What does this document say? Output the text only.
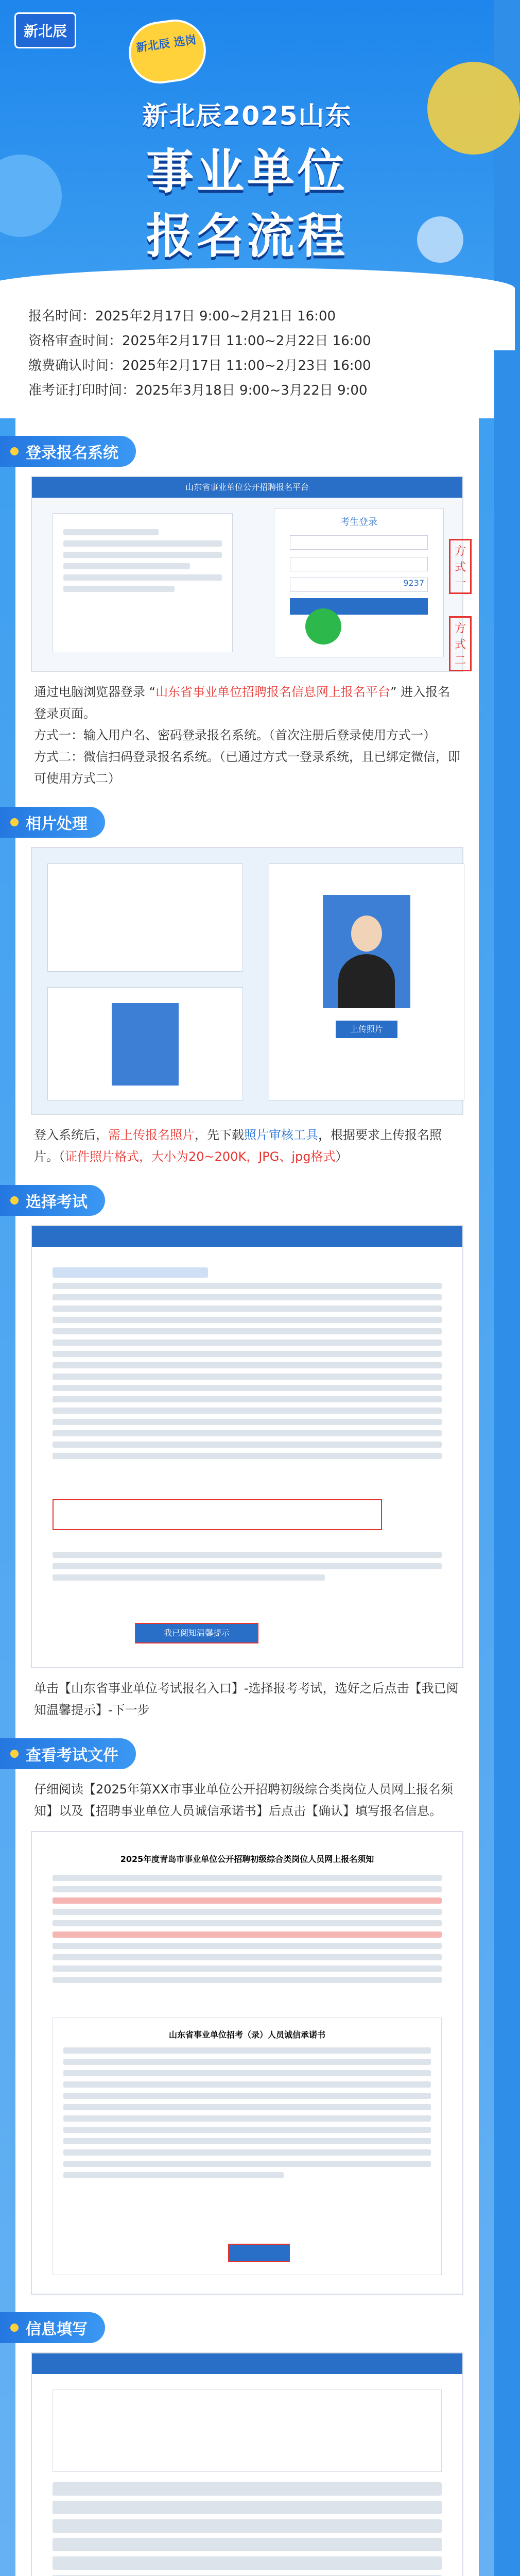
新北辰
新北辰 选岗
新北辰2025山东
事业单位
报名流程
报名时间：2025年2月17日 9:00~2月21日 16:00
资格审查时间：2025年2月17日 11:00~2月22日 16:00
缴费确认时间：2025年2月17日 11:00~2月23日 16:00
准考证打印时间：2025年3月18日 9:00~3月22日 9:00
登录报名系统
山东省事业单位公开招聘报名平台
考生登录
9237
方式一
方式二
通过电脑浏览器登录 “山东省事业单位招聘报名信息网上报名平台” 进入报名登录页面。
方式一：输入用户名、密码登录报名系统。（首次注册后登录使用方式一）
方式二：微信扫码登录报名系统。（已通过方式一登录系统，且已绑定微信，即可使用方式二）
相片处理
上传照片
登入系统后，需上传报名照片，先下载照片审核工具，根据要求上传报名照片。（证件照片格式，大小为20~200K，JPG、jpg格式）
选择考试
我已阅知温馨提示
单击【山东省事业单位考试报名入口】-选择报考考试，选好之后点击【我已阅知温馨提示】-下一步
查看考试文件
仔细阅读【2025年第XX市事业单位公开招聘初级综合类岗位人员网上报名须知】以及【招聘事业单位人员诚信承诺书】后点击【确认】填写报名信息。
2025年度青岛市事业单位公开招聘初级综合类岗位人员网上报名须知
山东省事业单位招考（录）人员诚信承诺书
信息填写
